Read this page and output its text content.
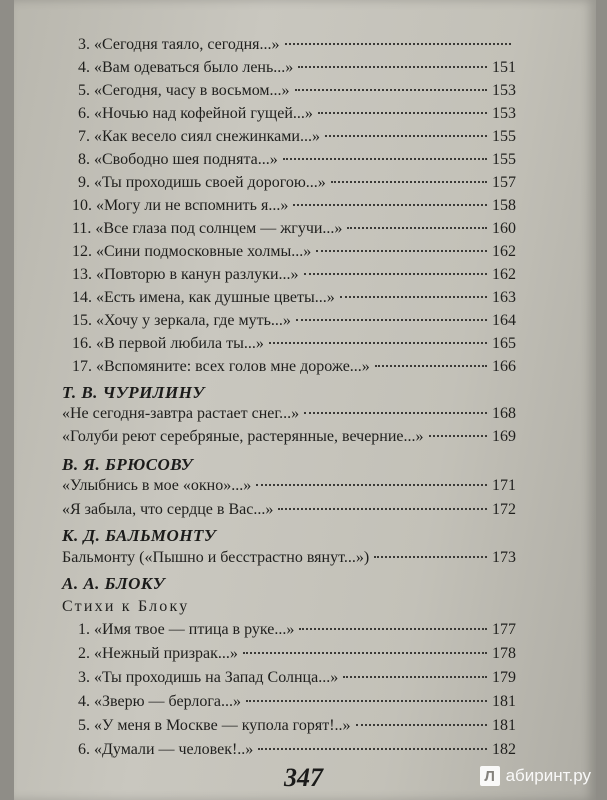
3. «Сегодня таяло, сегодня...»
4. «Вам одеваться было лень...»	151
5. «Сегодня, часу в восьмом...»	153
6. «Ночью над кофейной гущей...»	153
7. «Как весело сиял снежинками...»	155
8. «Свободно шея поднята...»	155
9. «Ты проходишь своей дорогою...»	157
10. «Могу ли не вспомнить я...»	158
11. «Все глаза под солнцем — жгучи...»	160
12. «Сини подмосковные холмы...»	162
13. «Повторю в канун разлуки...»	162
14. «Есть имена, как душные цветы...»	163
15. «Хочу у зеркала, где муть...»	164
16. «В первой любила ты...»	165
17. «Вспомяните: всех голов мне дороже...»	166
Т. В. ЧУРИЛИНУ
«Не сегодня-завтра растает снег...»	168
«Голуби реют серебряные, растерянные, вечерние...»	169
В. Я. БРЮСОВУ
«Улыбнись в мое «окно»...»	171
«Я забыла, что сердце в Вас...»	172
К. Д. БАЛЬМОНТУ
Бальмонту («Пышно и бесстрастно вянут...»)	173
А. А. БЛОКУ
Стихи к Блоку
1. «Имя твое — птица в руке...»	177
2. «Нежный призрак...»	178
3. «Ты проходишь на Запад Солнца...»	179
4. «Зверю — берлога...»	181
347
5. «У меня в Москве — купола горят!..»	181
6. «Думали — человек!..»	182
Л абиринт.ру
